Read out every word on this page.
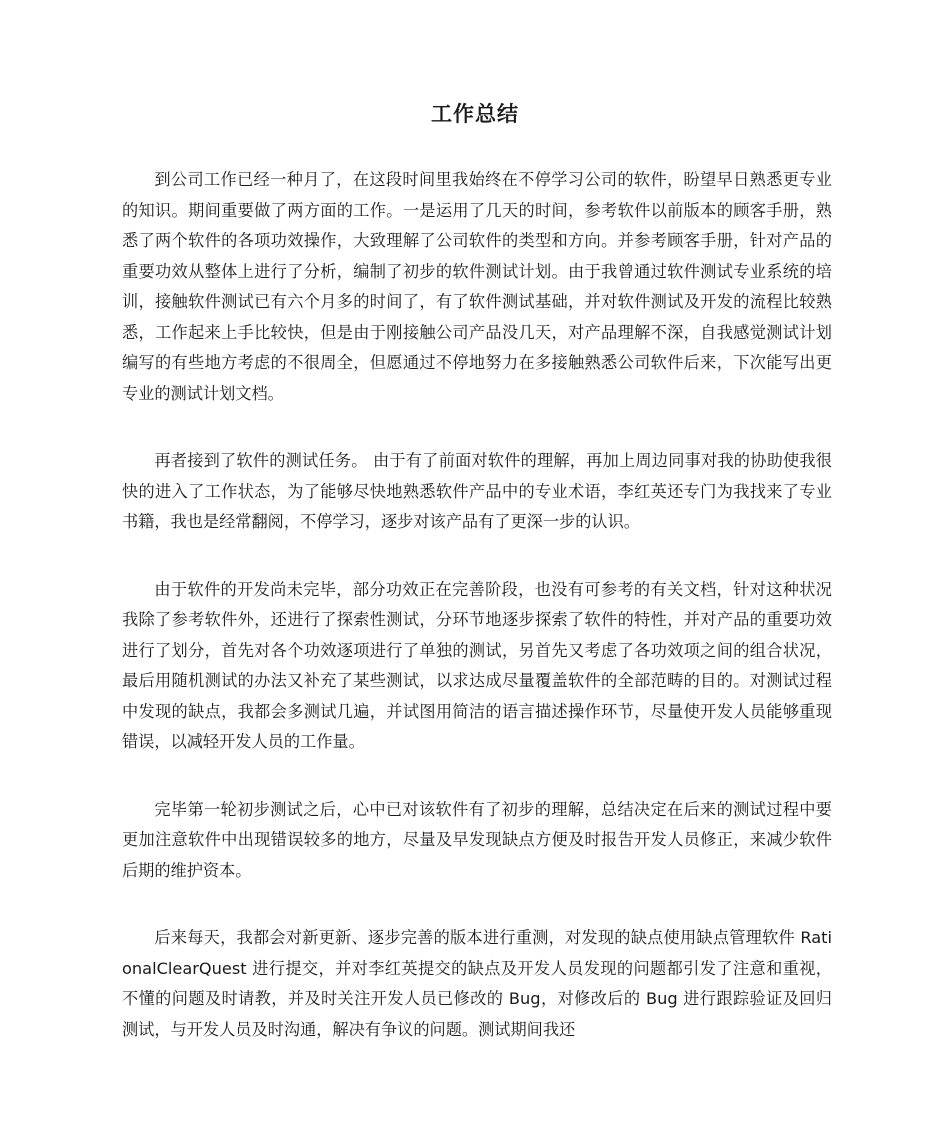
工作总结

到公司工作已经一种月了，在这段时间里我始终在不停学习公司的软件，盼望早日熟悉更专业的知识。期间重要做了两方面的工作。一是运用了几天的时间，参考软件以前版本的顾客手册，熟悉了两个软件的各项功效操作，大致理解了公司软件的类型和方向。并参考顾客手册，针对产品的重要功效从整体上进行了分析，编制了初步的软件测试计划。由于我曾通过软件测试专业系统的培训，接触软件测试已有六个月多的时间了，有了软件测试基础，并对软件测试及开发的流程比较熟悉，工作起来上手比较快，但是由于刚接触公司产品没几天，对产品理解不深，自我感觉测试计划编写的有些地方考虑的不很周全，但愿通过不停地努力在多接触熟悉公司软件后来，下次能写出更专业的测试计划文档。

再者接到了软件的测试任务。 由于有了前面对软件的理解，再加上周边同事对我的协助使我很快的进入了工作状态，为了能够尽快地熟悉软件产品中的专业术语，李红英还专门为我找来了专业书籍，我也是经常翻阅，不停学习，逐步对该产品有了更深一步的认识。

由于软件的开发尚未完毕，部分功效正在完善阶段，也没有可参考的有关文档，针对这种状况我除了参考软件外，还进行了探索性测试，分环节地逐步探索了软件的特性，并对产品的重要功效进行了划分，首先对各个功效逐项进行了单独的测试，另首先又考虑了各功效项之间的组合状况，最后用随机测试的办法又补充了某些测试，以求达成尽量覆盖软件的全部范畴的目的。对测试过程中发现的缺点，我都会多测试几遍，并试图用简洁的语言描述操作环节，尽量使开发人员能够重现错误，以减轻开发人员的工作量。

完毕第一轮初步测试之后，心中已对该软件有了初步的理解，总结决定在后来的测试过程中要更加注意软件中出现错误较多的地方，尽量及早发现缺点方便及时报告开发人员修正，来减少软件后期的维护资本。

后来每天，我都会对新更新、逐步完善的版本进行重测，对发现的缺点使用缺点管理软件 RationalClearQuest 进行提交，并对李红英提交的缺点及开发人员发现的问题都引发了注意和重视，不懂的问题及时请教，并及时关注开发人员已修改的 Bug，对修改后的 Bug 进行跟踪验证及回归测试，与开发人员及时沟通，解决有争议的问题。测试期间我还
